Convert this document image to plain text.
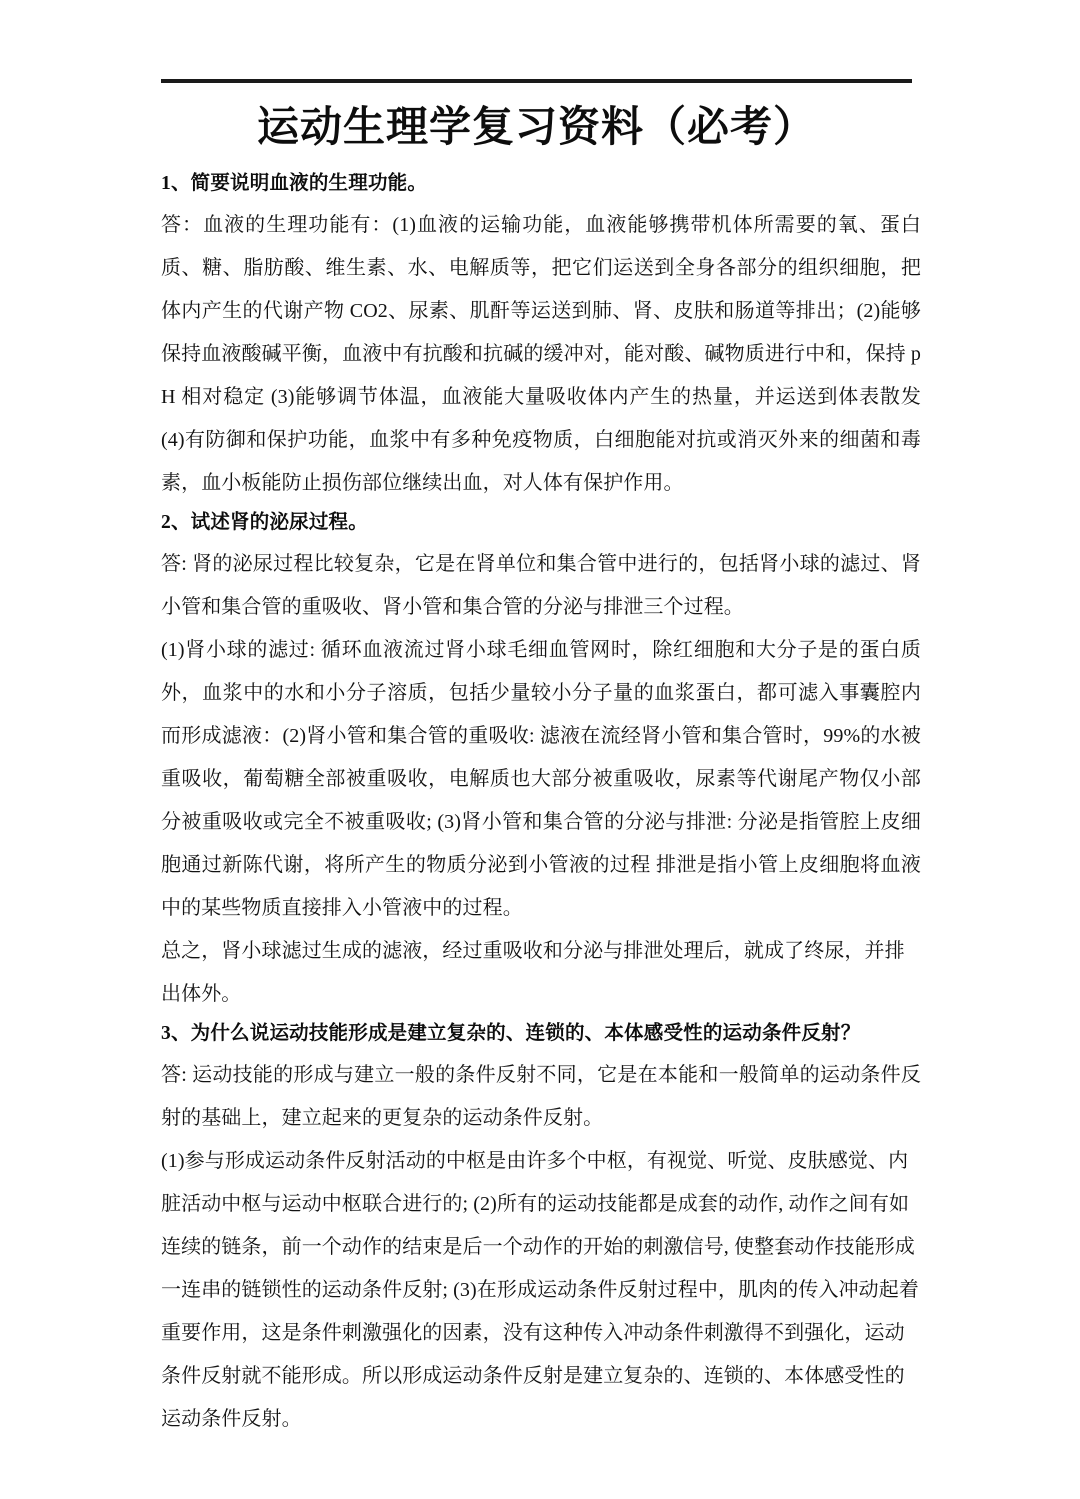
运动生理学复习资料（必考）

1、简要说明血液的生理功能。

答：血液的生理功能有：(1)血液的运输功能，血液能够携带机体所需要的氧、蛋白质、糖、脂肪酸、维生素、水、电解质等，把它们运送到全身各部分的组织细胞，把体内产生的代谢产物 CO2、尿素、肌酐等运送到肺、肾、皮肤和肠道等排出；(2)能够保持血液酸碱平衡，血液中有抗酸和抗碱的缓冲对，能对酸、碱物质进行中和，保持 pH 相对稳定 (3)能够调节体温，血液能大量吸收体内产生的热量，并运送到体表散发 (4)有防御和保护功能，血浆中有多种免疫物质，白细胞能对抗或消灭外来的细菌和毒素，血小板能防止损伤部位继续出血，对人体有保护作用。

2、试述肾的泌尿过程。

答: 肾的泌尿过程比较复杂，它是在肾单位和集合管中进行的，包括肾小球的滤过、肾小管和集合管的重吸收、肾小管和集合管的分泌与排泄三个过程。

(1)肾小球的滤过: 循环血液流过肾小球毛细血管网时，除红细胞和大分子是的蛋白质外，血浆中的水和小分子溶质，包括少量较小分子量的血浆蛋白，都可滤入事囊腔内而形成滤液：(2)肾小管和集合管的重吸收: 滤液在流经肾小管和集合管时，99%的水被重吸收，葡萄糖全部被重吸收，电解质也大部分被重吸收，尿素等代谢尾产物仅小部分被重吸收或完全不被重吸收; (3)肾小管和集合管的分泌与排泄: 分泌是指管腔上皮细胞通过新陈代谢，将所产生的物质分泌到小管液的过程 排泄是指小管上皮细胞将血液中的某些物质直接排入小管液中的过程。

总之，肾小球滤过生成的滤液，经过重吸收和分泌与排泄处理后，就成了终尿，并排出体外。

3、为什么说运动技能形成是建立复杂的、连锁的、本体感受性的运动条件反射？

答: 运动技能的形成与建立一般的条件反射不同，它是在本能和一般简单的运动条件反射的基础上，建立起来的更复杂的运动条件反射。

(1)参与形成运动条件反射活动的中枢是由许多个中枢，有视觉、听觉、皮肤感觉、内脏活动中枢与运动中枢联合进行的; (2)所有的运动技能都是成套的动作, 动作之间有如连续的链条，前一个动作的结束是后一个动作的开始的刺激信号, 使整套动作技能形成一连串的链锁性的运动条件反射; (3)在形成运动条件反射过程中，肌肉的传入冲动起着重要作用，这是条件刺激强化的因素，没有这种传入冲动条件刺激得不到强化，运动条件反射就不能形成。所以形成运动条件反射是建立复杂的、连锁的、本体感受性的运动条件反射。
